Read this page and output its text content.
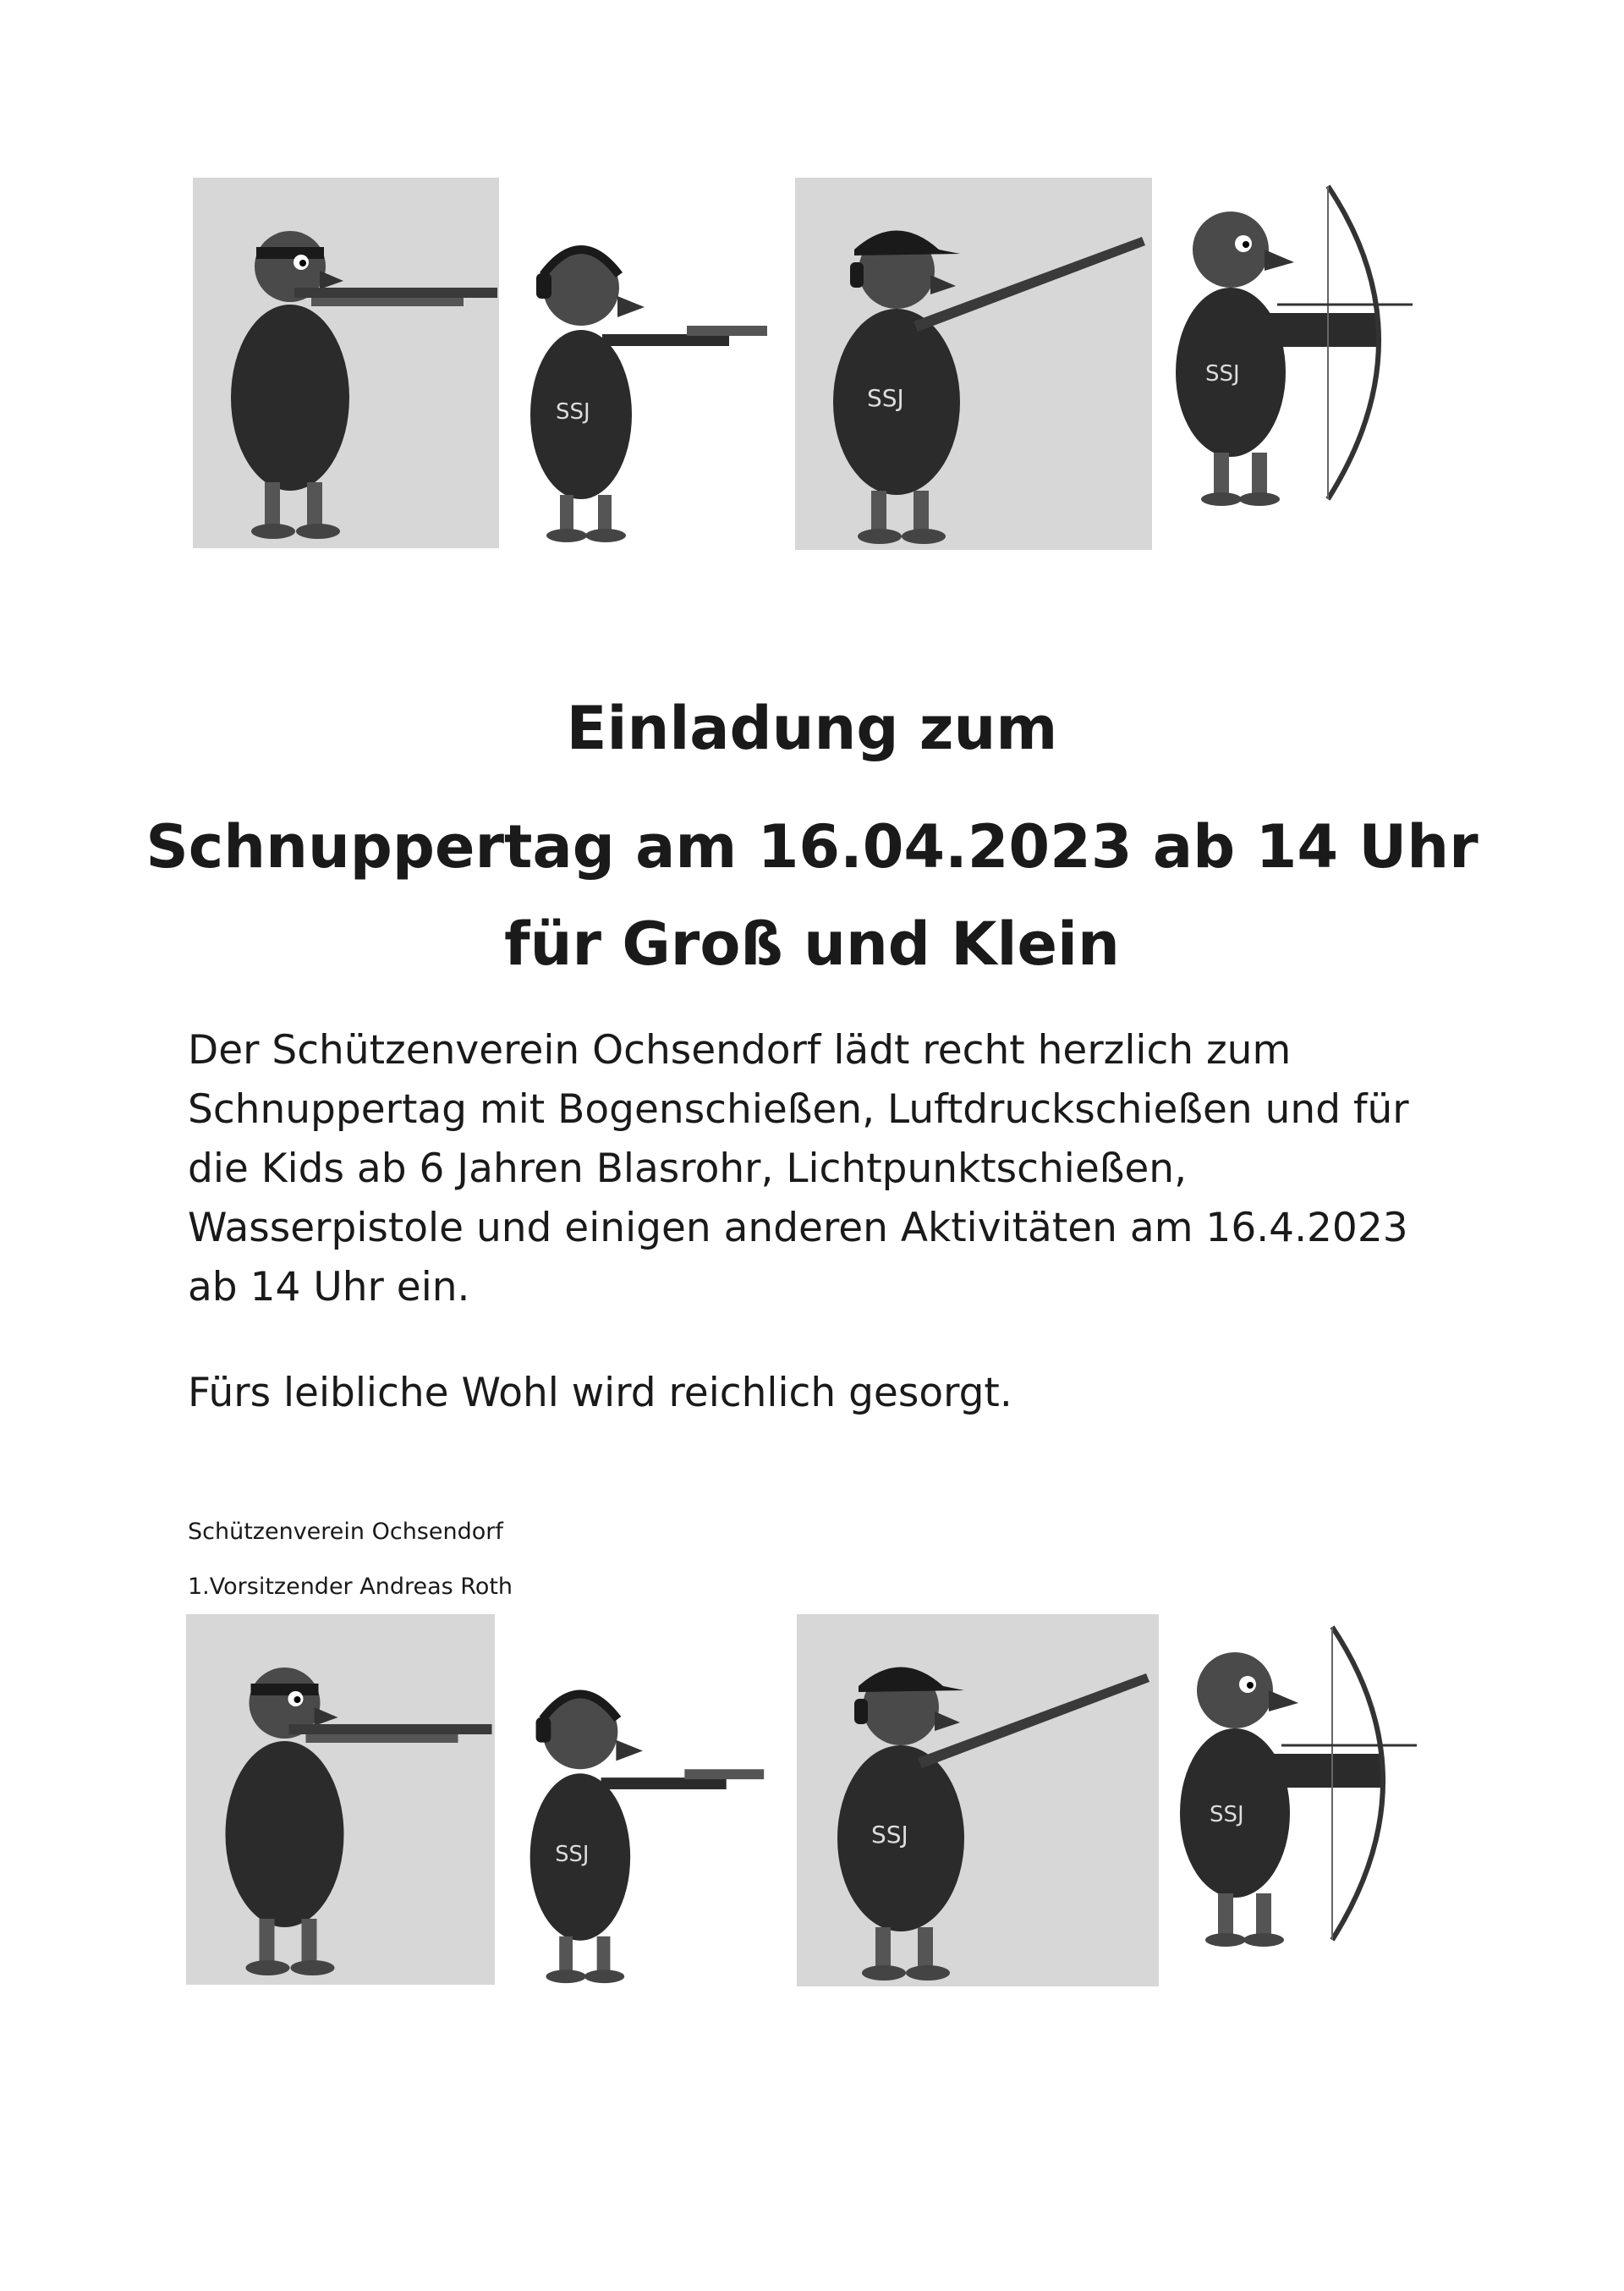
SSJ	SSJ
SSJ
Einladung zum
Schnuppertag am 16.04.2023 ab 14 Uhr
für Groß und Klein
Der Schützenverein Ochsendorf lädt recht herzlich zum
Schnuppertag mit Bogenschießen, Luftdruckschießen und für
die Kids ab 6 Jahren Blasrohr, Lichtpunktschießen,
Wasserpistole und einigen anderen Aktivitäten am 16.4.2023
ab 14 Uhr ein.
Fürs leibliche Wohl wird reichlich gesorgt.
Schützenverein Ochsendorf
1.Vorsitzender Andreas Roth
SSJ
SSJ
SSJ
